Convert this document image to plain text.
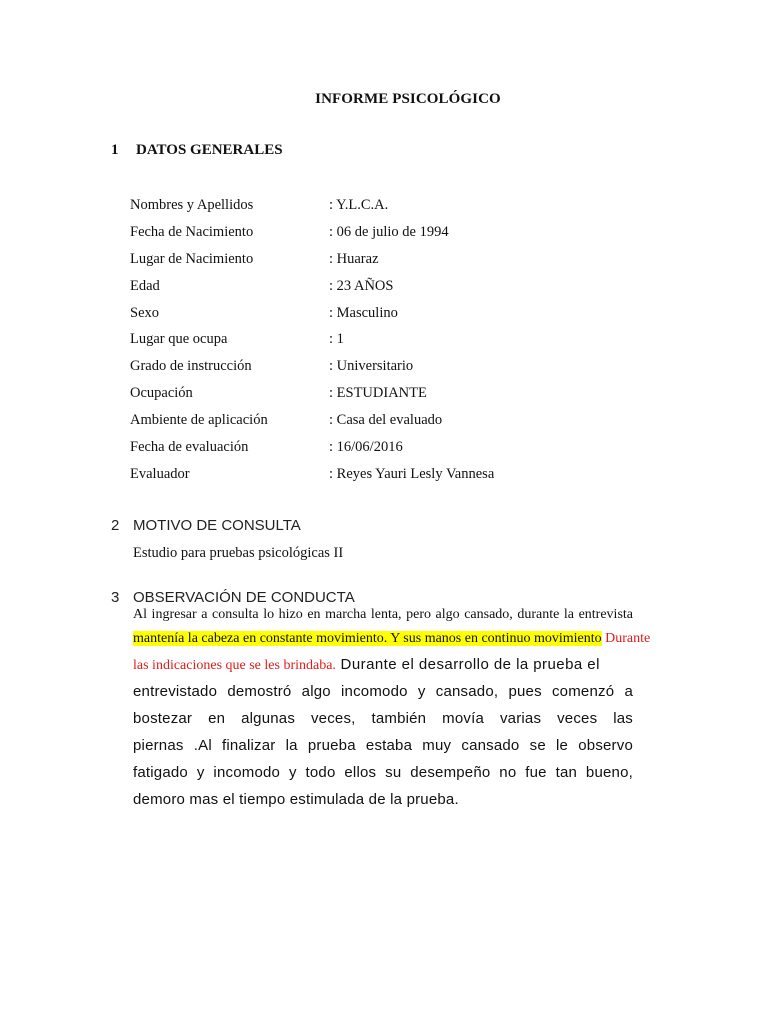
INFORME PSICOLÓGICO
1 DATOS GENERALES
Nombres y Apellidos	: Y.L.C.A.
Fecha de Nacimiento	: 06 de julio de 1994
Lugar de Nacimiento	: Huaraz
Edad	: 23 AÑOS
Sexo	: Masculino
Lugar que ocupa	: 1
Grado de instrucción	: Universitario
Ocupación	: ESTUDIANTE
Ambiente de aplicación	: Casa del evaluado
Fecha de evaluación	: 16/06/2016
Evaluador	: Reyes Yauri Lesly Vannesa
2 MOTIVO DE CONSULTA
Estudio para pruebas psicológicas II
3 OBSERVACIÓN DE CONDUCTA
Al ingresar a consulta lo hizo en marcha lenta, pero algo cansado, durante la entrevista
mantenía la cabeza en constante movimiento. Y sus manos en continuo movimiento Durante
las indicaciones que se les brindaba. Durante el desarrollo de la prueba el
entrevistado demostró algo incomodo y cansado, pues comenzó a
bostezar en algunas veces, también movía varias veces las
piernas .Al finalizar la prueba estaba muy cansado se le observo
fatigado y incomodo y todo ellos su desempeño no fue tan bueno,
demoro mas el tiempo estimulada de la prueba.
